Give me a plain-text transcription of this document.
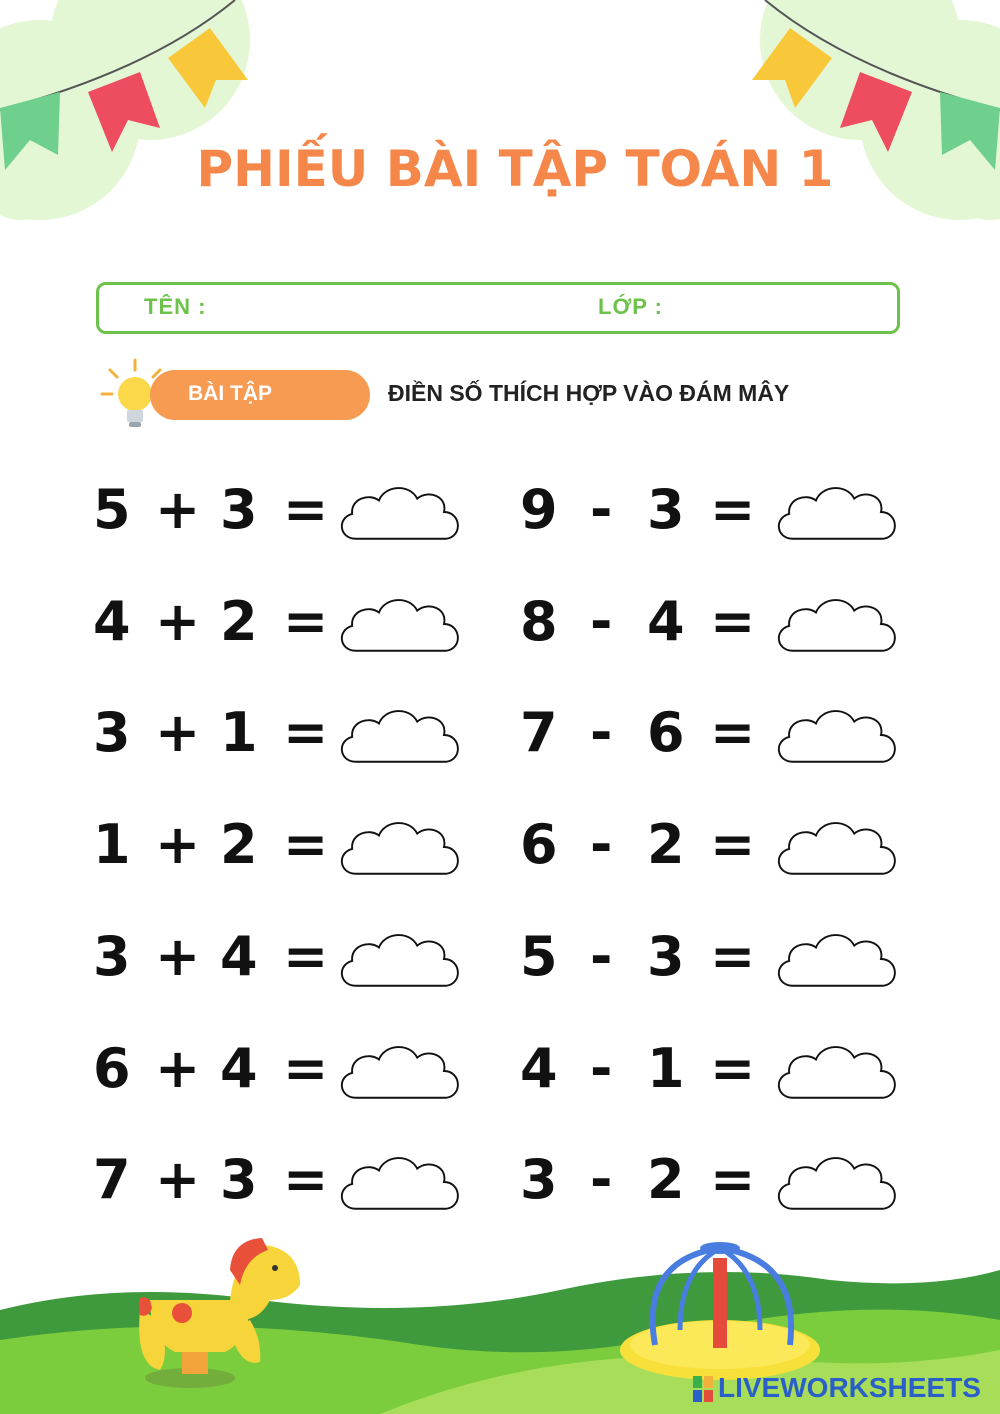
PHIẾU BÀI TẬP TOÁN 1
TÊN :	LỚP :
BÀI TẬP	ĐIỀN SỐ THÍCH HỢP VÀO ĐÁM MÂY
5 + 3 =
4 + 2 =
3 + 1 =
1 + 2 =
3 + 4 =
6 + 4 =
7 + 3 =
9 - 3 =
8 - 4 =
7 - 6 =
6 - 2 =
5 - 3 =
4 - 1 =
3 - 2 =
LIVEWORKSHEETS
